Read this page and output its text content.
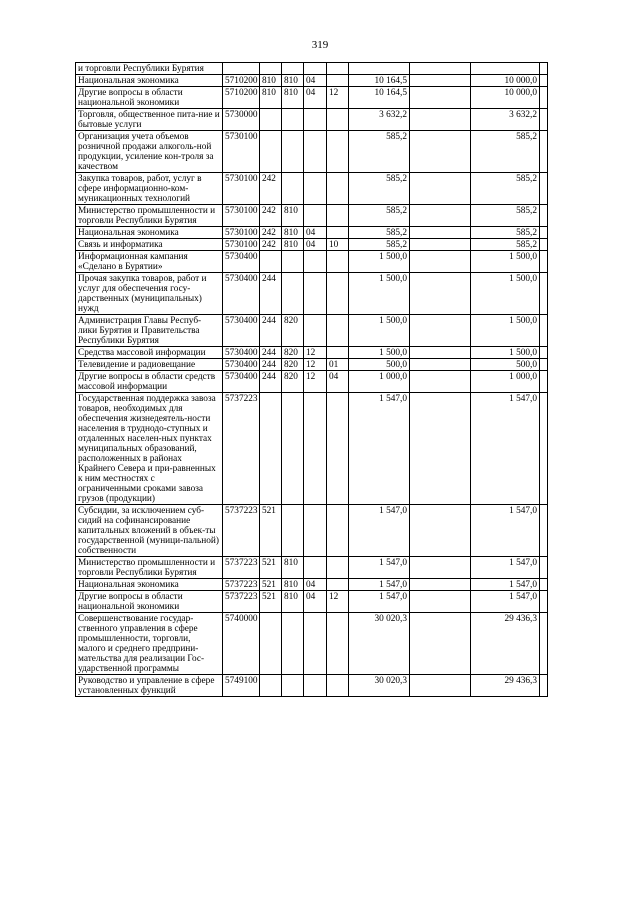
319
и торговли Республики Бурятия									
Национальная экономика	5710200	810	810	04		10 164,5		10 000,0	
Другие вопросы в области национальной экономики	5710200	810	810	04	12	10 164,5		10 000,0	
Торговля, общественное пита-ние и бытовые услуги	5730000					3 632,2		3 632,2	
Организация учета объемов розничной продажи алкоголь-ной продукции, усиление кон-троля за качеством	5730100					585,2		585,2	
Закупка товаров, работ, услуг в сфере информационно-ком-муникационных технологий	5730100	242				585,2		585,2	
Министерство промышленности и торговли Республики Бурятия	5730100	242	810			585,2		585,2	
Национальная экономика	5730100	242	810	04		585,2		585,2	
Связь и информатика	5730100	242	810	04	10	585,2		585,2	
Информационная кампания «Сделано в Бурятии»	5730400					1 500,0		1 500,0	
Прочая закупка товаров, работ и услуг для обеспечения госу-дарственных (муниципальных) нужд	5730400	244				1 500,0		1 500,0	
Администрация Главы Респуб-лики Бурятия и Правительства Республики Бурятия	5730400	244	820			1 500,0		1 500,0	
Средства массовой информации	5730400	244	820	12		1 500,0		1 500,0	
Телевидение и радиовещание	5730400	244	820	12	01	500,0		500,0	
Другие вопросы в области средств массовой информации	5730400	244	820	12	04	1 000,0		1 000,0	
Государственная поддержка завоза товаров, необходимых для обеспечения жизнедеятель-ности населения в труднодо-ступных и отдаленных населен-ных пунктах муниципальных образований, расположенных в районах Крайнего Севера и при-равненных к ним местностях с ограниченными сроками завоза грузов (продукции)	5737223					1 547,0		1 547,0	
Субсидии, за исключением суб-сидий на софинансирование капитальных вложений в объек-ты государственной (муници-пальной) собственности	5737223	521				1 547,0		1 547,0	
Министерство промышленности и торговли Республики Бурятия	5737223	521	810			1 547,0		1 547,0	
Национальная экономика	5737223	521	810	04		1 547,0		1 547,0	
Другие вопросы в области национальной экономики	5737223	521	810	04	12	1 547,0		1 547,0	
Совершенствование государ-ственного управления в сфере промышленности, торговли, малого и среднего предприни-мательства для реализации Гос-ударственной программы	5740000					30 020,3		29 436,3	
Руководство и управление в сфере установленных функций	5749100					30 020,3		29 436,3	
